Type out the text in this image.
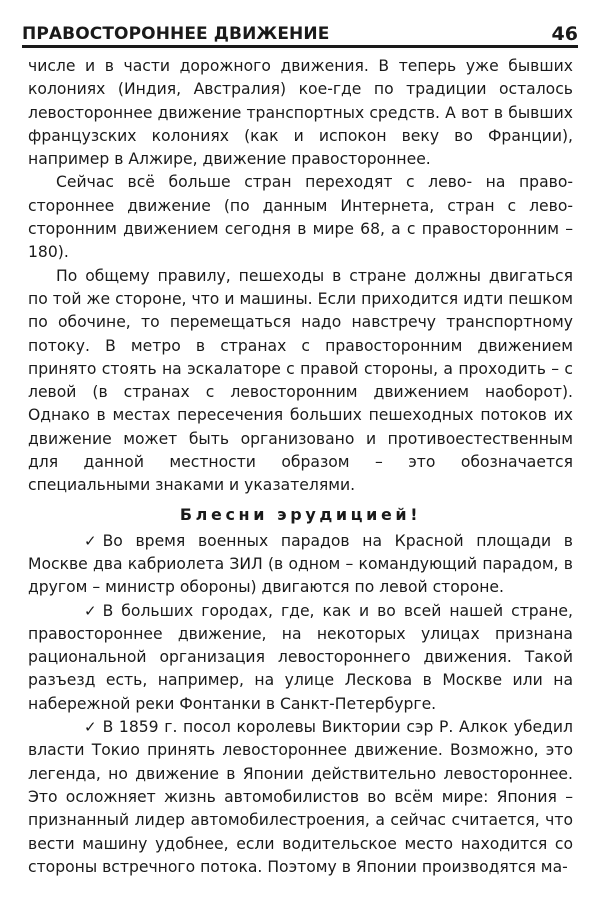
ПРАВОСТОРОННЕЕ ДВИЖЕНИЕ	46

числе и в части дорожного движения. В теперь уже бывших колониях (Индия, Австралия) кое-где по традиции осталось левостороннее движение транспортных средств. А вот в бывших французских колониях (как и испокон веку во Франции), например в Алжире, движение правостороннее.

Сейчас всё больше стран переходят с лево- на правостороннее движение (по данным Интернета, стран с левосторонним движением сегодня в мире 68, а с правосторонним – 180).

По общему правилу, пешеходы в стране должны двигаться по той же стороне, что и машины. Если приходится идти пешком по обочине, то перемещаться надо навстречу транспортному потоку. В метро в странах с правосторонним движением принято стоять на эскалаторе с правой стороны, а проходить – с левой (в странах с левосторонним движением наоборот). Однако в местах пересечения больших пешеходных потоков их движение может быть организовано и противоестественным для данной местности образом – это обозначается специальными знаками и указателями.

Блесни эрудицией!

✓ Во время военных парадов на Красной площади в Москве два кабриолета ЗИЛ (в одном – командующий парадом, в другом – министр обороны) двигаются по левой стороне.

✓ В больших городах, где, как и во всей нашей стране, правостороннее движение, на некоторых улицах признана рациональной организация левостороннего движения. Такой разъезд есть, например, на улице Лескова в Москве или на набережной реки Фонтанки в Санкт-Петербурге.

✓ В 1859 г. посол королевы Виктории сэр Р. Алкок убедил власти Токио принять левостороннее движение. Возможно, это легенда, но движение в Японии действительно левостороннее. Это осложняет жизнь автомобилистов во всём мире: Япония – признанный лидер автомобилестроения, а сейчас считается, что вести машину удобнее, если водительское место находится со стороны встречного потока. Поэтому в Японии производятся ма-
